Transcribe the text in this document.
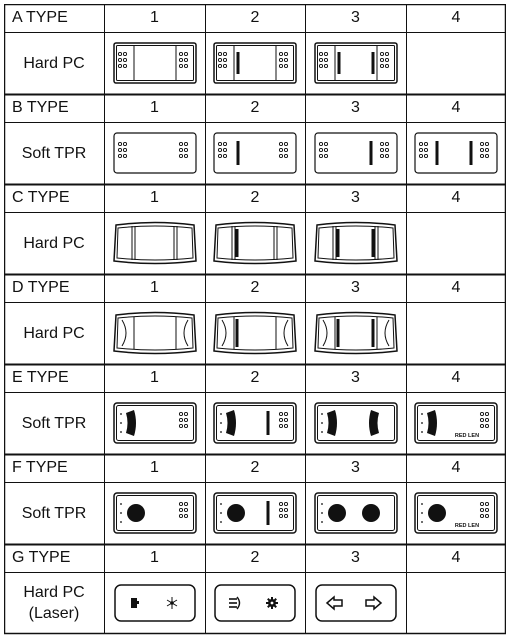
A TYPE	1	2	3	4
Hard PC
B TYPE	1	2	3	4
Soft TPR
C TYPE	1	2	3	4
Hard PC
D TYPE	1	2	3	4
Hard PC
E TYPE	1	2	3	4
Soft TPR
RED LEN
F TYPE	1	2	3	4
Soft TPR
RED LEN
G TYPE	1	2	3	4
Hard PC
(Laser)
